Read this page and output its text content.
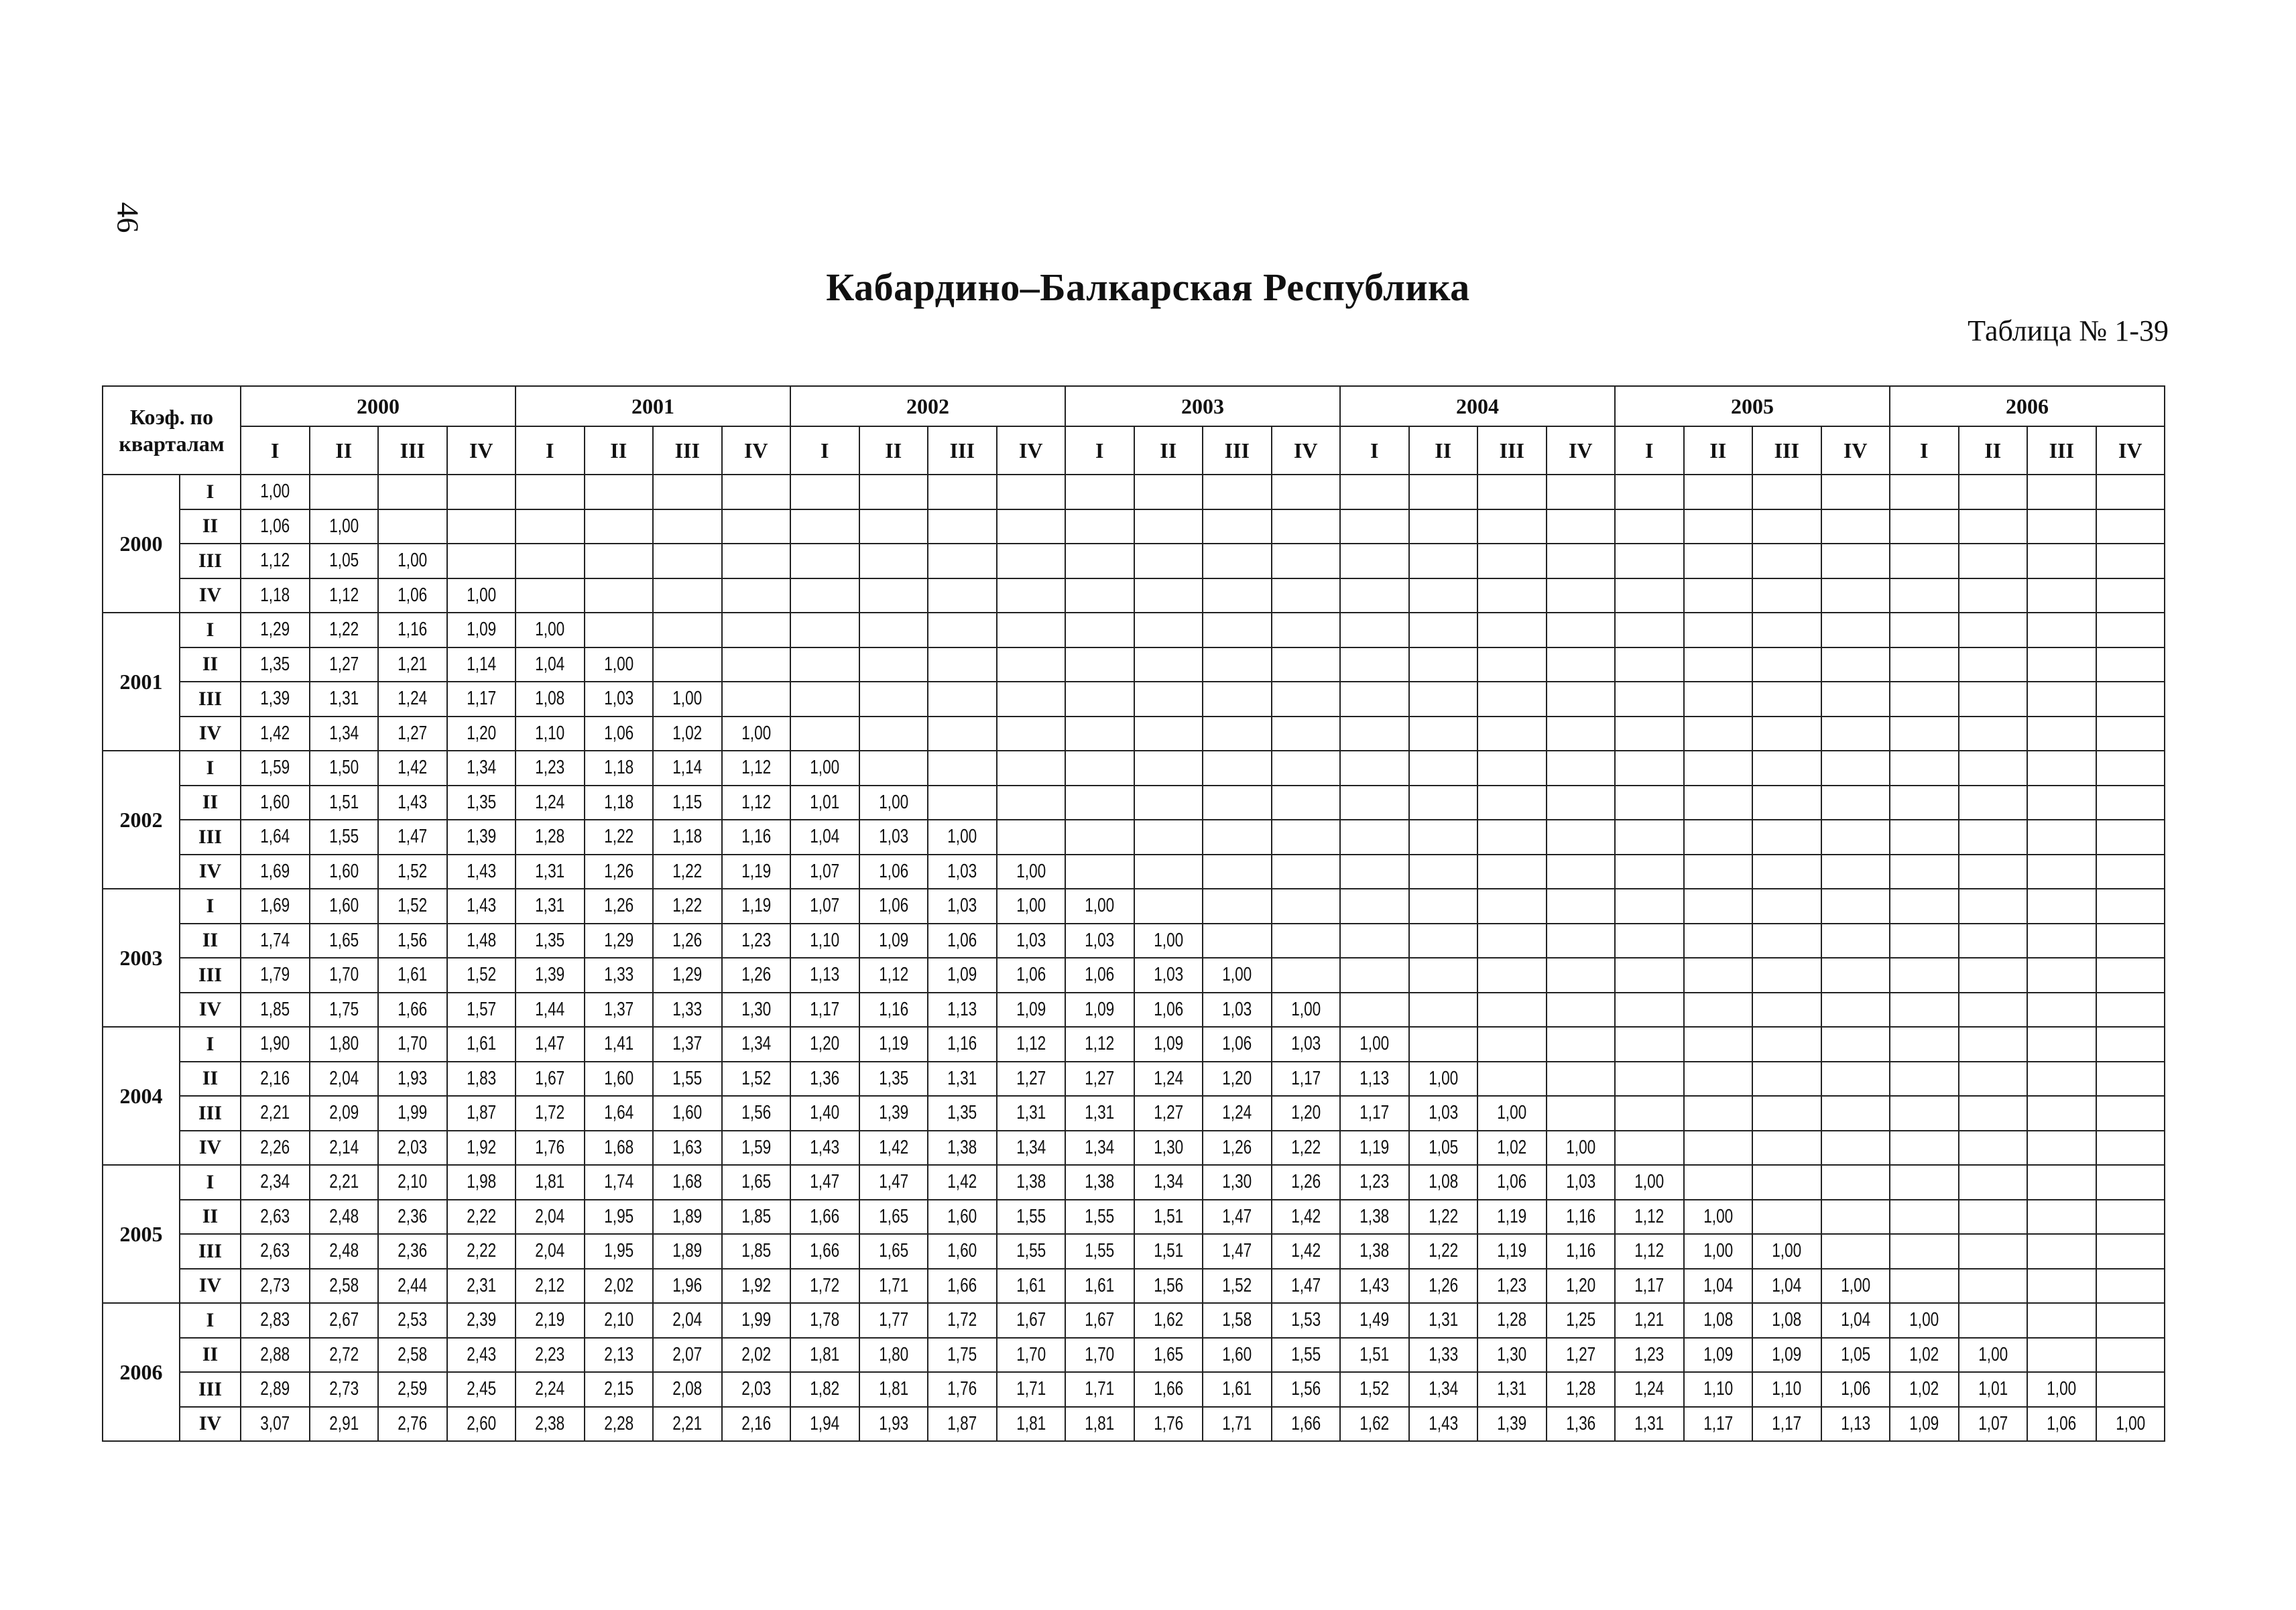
46
Кабардино–Балкарская Республика
Таблица № 1-39
Коэф. по кварталам		2000				2001				2002				2003				2004				2005				2006			
		I	II	III	IV	I	II	III	IV	I	II	III	IV	I	II	III	IV	I	II	III	IV	I	II	III	IV	I	II	III	IV
2000	I	1,00																											
	II	1,06	1,00																										
	III	1,12	1,05	1,00																									
	IV	1,18	1,12	1,06	1,00																								
2001	I	1,29	1,22	1,16	1,09	1,00																							
	II	1,35	1,27	1,21	1,14	1,04	1,00																						
	III	1,39	1,31	1,24	1,17	1,08	1,03	1,00																					
	IV	1,42	1,34	1,27	1,20	1,10	1,06	1,02	1,00																				
2002	I	1,59	1,50	1,42	1,34	1,23	1,18	1,14	1,12	1,00																			
	II	1,60	1,51	1,43	1,35	1,24	1,18	1,15	1,12	1,01	1,00																		
	III	1,64	1,55	1,47	1,39	1,28	1,22	1,18	1,16	1,04	1,03	1,00																	
	IV	1,69	1,60	1,52	1,43	1,31	1,26	1,22	1,19	1,07	1,06	1,03	1,00																
2003	I	1,69	1,60	1,52	1,43	1,31	1,26	1,22	1,19	1,07	1,06	1,03	1,00	1,00															
	II	1,74	1,65	1,56	1,48	1,35	1,29	1,26	1,23	1,10	1,09	1,06	1,03	1,03	1,00														
	III	1,79	1,70	1,61	1,52	1,39	1,33	1,29	1,26	1,13	1,12	1,09	1,06	1,06	1,03	1,00													
	IV	1,85	1,75	1,66	1,57	1,44	1,37	1,33	1,30	1,17	1,16	1,13	1,09	1,09	1,06	1,03	1,00												
2004	I	1,90	1,80	1,70	1,61	1,47	1,41	1,37	1,34	1,20	1,19	1,16	1,12	1,12	1,09	1,06	1,03	1,00											
	II	2,16	2,04	1,93	1,83	1,67	1,60	1,55	1,52	1,36	1,35	1,31	1,27	1,27	1,24	1,20	1,17	1,13	1,00										
	III	2,21	2,09	1,99	1,87	1,72	1,64	1,60	1,56	1,40	1,39	1,35	1,31	1,31	1,27	1,24	1,20	1,17	1,03	1,00									
	IV	2,26	2,14	2,03	1,92	1,76	1,68	1,63	1,59	1,43	1,42	1,38	1,34	1,34	1,30	1,26	1,22	1,19	1,05	1,02	1,00								
2005	I	2,34	2,21	2,10	1,98	1,81	1,74	1,68	1,65	1,47	1,47	1,42	1,38	1,38	1,34	1,30	1,26	1,23	1,08	1,06	1,03	1,00							
	II	2,63	2,48	2,36	2,22	2,04	1,95	1,89	1,85	1,66	1,65	1,60	1,55	1,55	1,51	1,47	1,42	1,38	1,22	1,19	1,16	1,12	1,00						
	III	2,63	2,48	2,36	2,22	2,04	1,95	1,89	1,85	1,66	1,65	1,60	1,55	1,55	1,51	1,47	1,42	1,38	1,22	1,19	1,16	1,12	1,00	1,00					
	IV	2,73	2,58	2,44	2,31	2,12	2,02	1,96	1,92	1,72	1,71	1,66	1,61	1,61	1,56	1,52	1,47	1,43	1,26	1,23	1,20	1,17	1,04	1,04	1,00				
2006	I	2,83	2,67	2,53	2,39	2,19	2,10	2,04	1,99	1,78	1,77	1,72	1,67	1,67	1,62	1,58	1,53	1,49	1,31	1,28	1,25	1,21	1,08	1,08	1,04	1,00			
	II	2,88	2,72	2,58	2,43	2,23	2,13	2,07	2,02	1,81	1,80	1,75	1,70	1,70	1,65	1,60	1,55	1,51	1,33	1,30	1,27	1,23	1,09	1,09	1,05	1,02	1,00		
	III	2,89	2,73	2,59	2,45	2,24	2,15	2,08	2,03	1,82	1,81	1,76	1,71	1,71	1,66	1,61	1,56	1,52	1,34	1,31	1,28	1,24	1,10	1,10	1,06	1,02	1,01	1,00	
	IV	3,07	2,91	2,76	2,60	2,38	2,28	2,21	2,16	1,94	1,93	1,87	1,81	1,81	1,76	1,71	1,66	1,62	1,43	1,39	1,36	1,31	1,17	1,17	1,13	1,09	1,07	1,06	1,00
